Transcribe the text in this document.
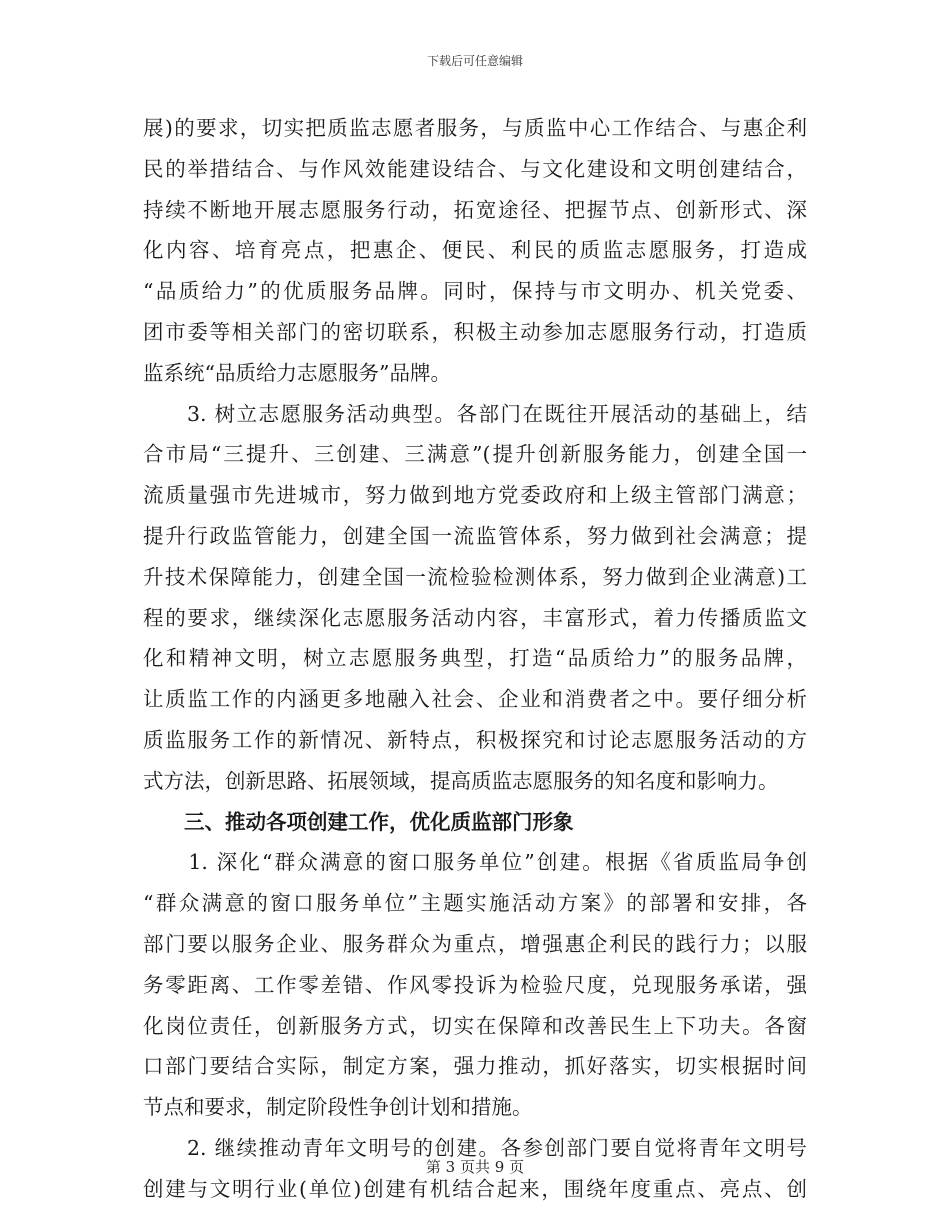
下载后可任意编辑
展)的要求，切实把质监志愿者服务，与质监中心工作结合、与惠企利
民的举措结合、与作风效能建设结合、与文化建设和文明创建结合，
持续不断地开展志愿服务行动，拓宽途径、把握节点、创新形式、深
化内容、培育亮点，把惠企、便民、利民的质监志愿服务，打造成
“品质给力”的优质服务品牌。同时，保持与市文明办、机关党委、
团市委等相关部门的密切联系，积极主动参加志愿服务行动，打造质
监系统“品质给力志愿服务”品牌。
　　3. 树立志愿服务活动典型。各部门在既往开展活动的基础上，结
合市局“三提升、三创建、三满意”(提升创新服务能力，创建全国一
流质量强市先进城市，努力做到地方党委政府和上级主管部门满意；
提升行政监管能力，创建全国一流监管体系，努力做到社会满意；提
升技术保障能力，创建全国一流检验检测体系，努力做到企业满意)工
程的要求，继续深化志愿服务活动内容，丰富形式，着力传播质监文
化和精神文明，树立志愿服务典型，打造“品质给力”的服务品牌，
让质监工作的内涵更多地融入社会、企业和消费者之中。要仔细分析
质监服务工作的新情况、新特点，积极探究和讨论志愿服务活动的方
式方法，创新思路、拓展领域，提高质监志愿服务的知名度和影响力。
　　三、推动各项创建工作，优化质监部门形象
　　1. 深化“群众满意的窗口服务单位”创建。根据《省质监局争创
“群众满意的窗口服务单位”主题实施活动方案》的部署和安排，各
部门要以服务企业、服务群众为重点，增强惠企利民的践行力；以服
务零距离、工作零差错、作风零投诉为检验尺度，兑现服务承诺，强
化岗位责任，创新服务方式，切实在保障和改善民生上下功夫。各窗
口部门要结合实际，制定方案，强力推动，抓好落实，切实根据时间
节点和要求，制定阶段性争创计划和措施。
　　2. 继续推动青年文明号的创建。各参创部门要自觉将青年文明号
创建与文明行业(单位)创建有机结合起来，围绕年度重点、亮点、创
第 3 页共 9 页
